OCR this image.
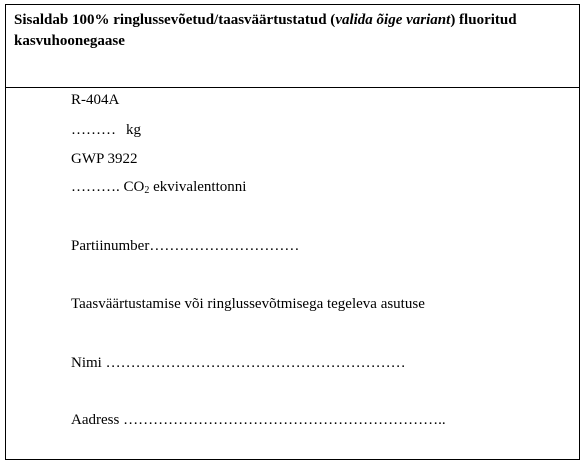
Sisaldab 100% ringlussevõetud/taasväärtustatud (valida õige variant) fluoritud kasvuhoonegaase

R-404A

……… kg

GWP 3922

………. $CO_2$ ekvivalenttonni

Partiinumber…………………………

Taasväärtustamise või ringlussevõtmisega tegeleva asutuse

Nimi ……………………………………………………

Aadress ………………………………………………………..
